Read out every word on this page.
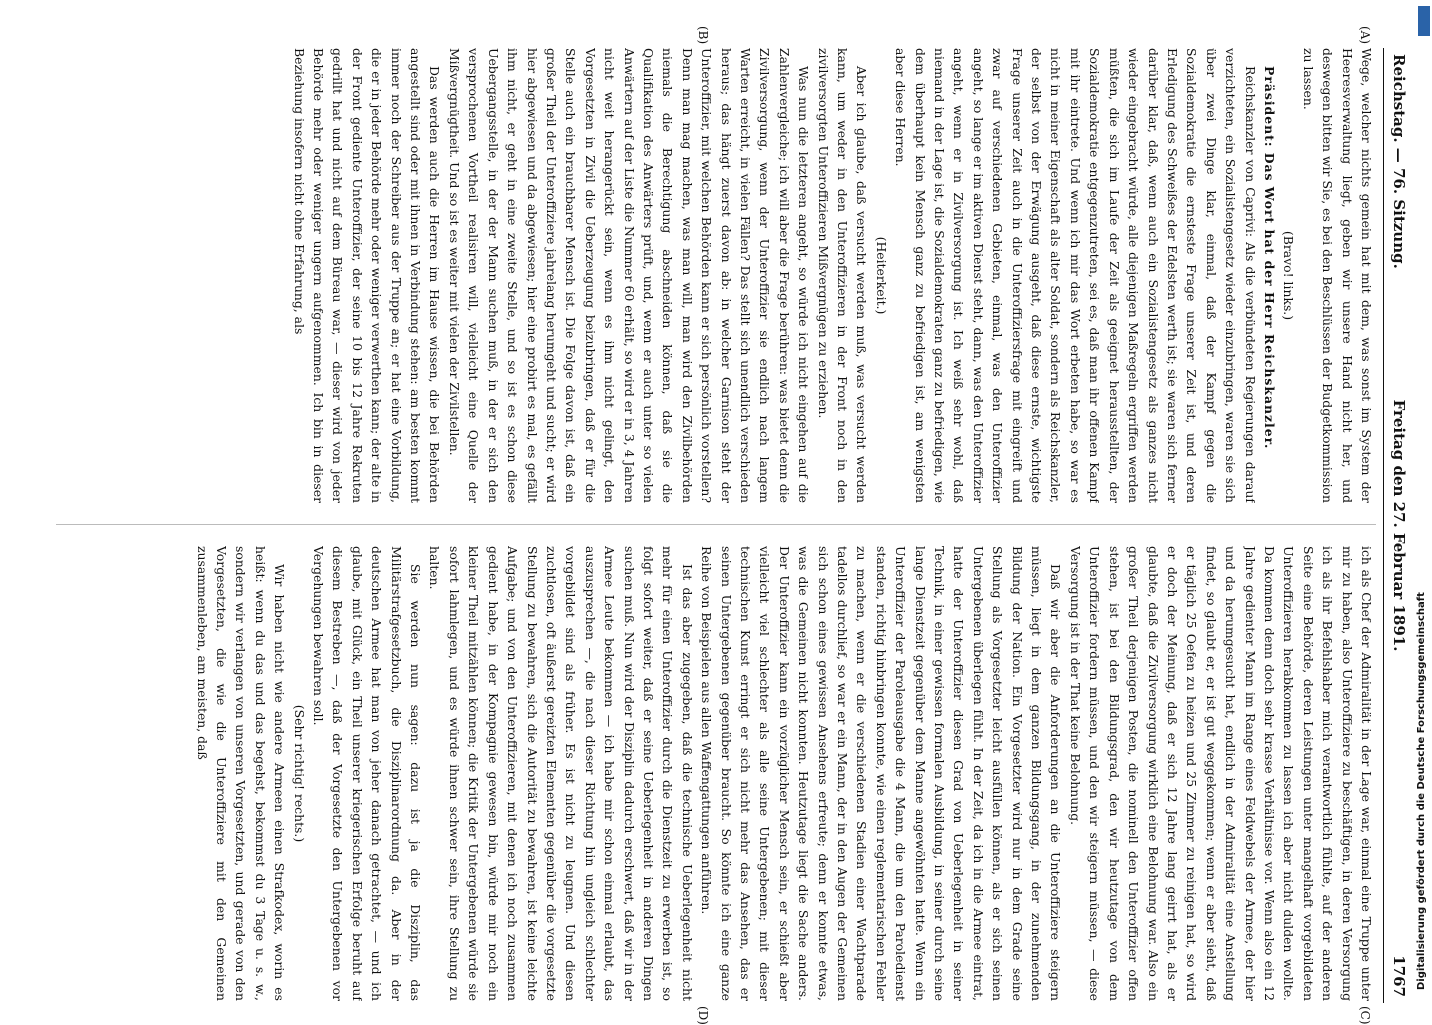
Reichstag. — 76. Sitzung.
Freitag den 27. Februar 1891.
1767
(A)
(B)
(C)
(D)

Wege, welcher nichts gemein hat mit dem, was sonst im System der Heeresverwaltung liegt, geben wir unsere Hand nicht her, und deswegen bitten wir Sie, es bei den Beschlüssen der Budgetkommission zu lassen.

(Bravo! links.)

Präsident: Das Wort hat der Herr Reichskanzler.

Reichskanzler von Caprivi: Als die verbündeten Regierungen darauf verzichteten, ein Sozialistengesetz wieder einzubringen, waren sie sich über zwei Dinge klar, einmal, daß der Kampf gegen die Sozialdemokratie die ernsteste Frage unserer Zeit ist, und deren Erledigung des Schweißes der Edelsten werth ist; sie waren sich ferner darüber klar, daß, wenn auch ein Sozialistengesetz als ganzes nicht wieder eingebracht würde, alle diejenigen Maßregeln ergriffen werden müßten, die sich im Laufe der Zeit als geeignet herausstellten, der Sozialdemokratie entgegenzutreten, sei es, daß man ihr offenen Kampf mit ihr eintrete. Und wenn ich mir das Wort erbeten habe, so war es nicht in meiner Eigenschaft als alter Soldat, sondern als Reichskanzler, der selbst von der Erwägung ausgeht, daß diese ernste, wichtigste Frage unserer Zeit auch in die Unteroffiziersfrage mit eingreift und zwar auf verschiedenen Gebieten, einmal, was den Unteroffizier angeht, so lange er im aktiven Dienst steht, dann, was den Unteroffizier angeht, wenn er in Zivilversorgung ist. Ich weiß sehr wohl, daß niemand in der Lage ist, die Sozialdemokraten ganz zu befriedigen, wie dem überhaupt kein Mensch ganz zu befriedigen ist, am wenigsten aber diese Herren.

(Heiterkeit.)

Aber ich glaube, daß versucht werden muß, was versucht werden kann, um weder in den Unteroffizieren in der Front noch in den zivilversorgten Unteroffizieren Mißvergnügen zu erziehen.

Was nun die letzteren angeht, so würde ich nicht eingehen auf die Zahlenvergleiche; ich will aber die Frage berühren: was bietet denn die Zivilversorgung, wenn der Unteroffizier sie endlich nach langem Warten erreicht, in vielen Fällen? Das stellt sich unendlich verschieden heraus; das hängt zuerst davon ab: in welcher Garnison steht der Unteroffizier, mit welchen Behörden kann er sich persönlich vorstellen? Denn man mag machen, was man will, man wird den Zivilbehörden niemals die Berechtigung abschneiden können, daß sie die Qualifikation des Anwärters prüft, und, wenn er auch unter so vielen Anwärtern auf der Liste die Nummer 60 erhält, so wird er in 3, 4 Jahren nicht weit herangerückt sein, wenn es ihm nicht gelingt, den Vorgesetzten in Zivil die Ueberzeugung beizubringen, daß er für die Stelle auch ein brauchbarer Mensch ist. Die Folge davon ist, daß ein großer Theil der Unteroffiziere jahrelang herumgeht und sucht; er wird hier abgewiesen und da abgewiesen; hier eine probirt es mal, es gefällt ihm nicht, er geht in eine zweite Stelle, und so ist es schon diese Uebergangsstelle, in der der Mann suchen muß, in der er sich den versprochenen Vortheil realisiren will, vielleicht eine Quelle der Mißvergnügtheit. Und so ist es weiter mit vielen der Zivilstellen.

Das werden auch die Herren im Hause wissen, die bei Behörden angestellt sind oder mit ihnen in Verbindung stehen: am besten kommt immer noch der Schreiber aus der Truppe an; er hat eine Vorbildung, die er in jeder Behörde mehr oder weniger verwerthen kann; der alte in der Front gediente Unteroffizier, der seine 10 bis 12 Jahre Rekruten gedrillt hat und nicht auf dem Büreau war, — dieser wird von jeder Behörde mehr oder weniger ungern aufgenommen. Ich bin in dieser Beziehung insofern nicht ohne Erfahrung, als

ich als Chef der Admiralität in der Lage war, einmal eine Truppe unter mir zu haben, also Unteroffiziere zu beschäftigen, in deren Versorgung ich als ihr Befehlshaber mich verantwortlich fühlte, auf der anderen Seite eine Behörde, deren Leistungen unter mangelhaft vorgebildeten Unteroffizieren herabkommen zu lassen ich aber nicht dulden wollte. Da kommen denn doch sehr krasse Verhältnisse vor. Wenn also ein 12 Jahre gedienter Mann im Range eines Feldwebels der Armee, der hier und da herumgesucht hat, endlich in der Admiralität eine Anstellung findet, so glaubt er, er ist gut weggekommen; wenn er aber sieht, daß er täglich 25 Oefen zu heizen und 25 Zimmer zu reinigen hat, so wird er doch der Meinung, daß er sich 12 Jahre lang geirrt hat, als er glaubte, daß die Zivilversorgung wirklich eine Belohnung war. Also ein großer Theil derjenigen Posten, die nominell den Unteroffizier offen stehen, ist bei den Bildungsgrad, den wir heutzutage von dem Unteroffizier fordern müssen, und den wir steigern müssen, — diese Versorgung ist in der That keine Belohnung.

Daß wir aber die Anforderungen an die Unteroffiziere steigern müssen, liegt in dem ganzen Bildungsgang, in der zunehmenden Bildung der Nation. Ein Vorgesetzter wird nur in dem Grade seine Stellung als Vorgesetzter leicht ausfüllen können, als er sich seinen Untergebenen überlegen fühlt. In der Zeit, da ich in die Armee eintrat, hatte der Unteroffizier diesen Grad von Ueberlegenheit in seiner Technik, in einer gewissen formalen Ausbildung, in seiner durch seine lange Dienstzeit gegenüber dem Manne angewöhnten hatte. Wenn ein Unteroffizier der Paroleausgabe die 4 Mann, die um den Paroledienst standen, richtig hinbringen konnte, wie einen reglementarischen Fehler zu machen, wenn er die verschiedenen Stadien einer Wachtparade tadellos durchlief, so war er ein Mann, der in den Augen der Gemeinen sich schon eines gewissen Ansehens erfreute; denn er konnte etwas, was die Gemeinen nicht konnten. Heutzutage liegt die Sache anders. Der Unteroffizier kann ein vorzüglicher Mensch sein, er schießt aber vielleicht viel schlechter als alle seine Untergebenen; mit dieser technischen Kunst erringt er sich nicht mehr das Ansehen, das er seinen Untergebenen gegenüber braucht. So könnte ich eine ganze Reihe von Beispielen aus allen Waffengattungen anführen.

Ist das aber zugegeben, daß die technische Ueberlegenheit nicht mehr für einen Unteroffizier durch die Dienstzeit zu erwerben ist, so folgt sofort weiter, daß er seine Ueberlegenheit in anderen Dingen suchen muß. Nun wird der Disziplin dadurch erschwert, daß wir in der Armee Leute bekommen — ich habe mir schon einmal erlaubt, das auszusprechen —, die nach dieser Richtung hin ungleich schlechter vorgebildet sind als früher. Es ist nicht zu leugnen. Und diesen zuchtlosen, oft äußerst gereizten Elementen gegenüber die vorgesetzte Stellung zu bewahren, sich die Autorität zu bewahren, ist keine leichte Aufgabe; und von den Unteroffizieren, mit denen ich noch zusammen gedient habe, in der Kompagnie gewesen bin, würde mir noch ein kleiner Theil mitzählen können; die Kritik der Untergebenen würde sie sofort lahmlegen, und es würde ihnen schwer sein, ihre Stellung zu halten.

Sie werden nun sagen: dazu ist ja die Disziplin, das Militärstrafgesetzbuch, die Disziplinarordnung da. Aber in der deutschen Armee hat man von jeher danach getrachtet, — und ich glaube, mit Glück, ein Theil unserer kriegerischen Erfolge beruht auf diesem Bestreben —, daß der Vorgesetzte den Untergebenen vor Vergehungen bewahren soll.

(Sehr richtig! rechts.)

Wir haben nicht wie andere Armeen einen Strafkodex, worin es heißt: wenn du das und das begehst, bekommst du 3 Tage u. s. w., sondern wir verlangen von unseren Vorgesetzten, und gerade von den Vorgesetzten, die wie die Unteroffiziere mit den Gemeinen zusammenleben, am meisten, daß	Digitalisierung gefördert durch die Deutsche Forschungsgemeinschaft
DFG
